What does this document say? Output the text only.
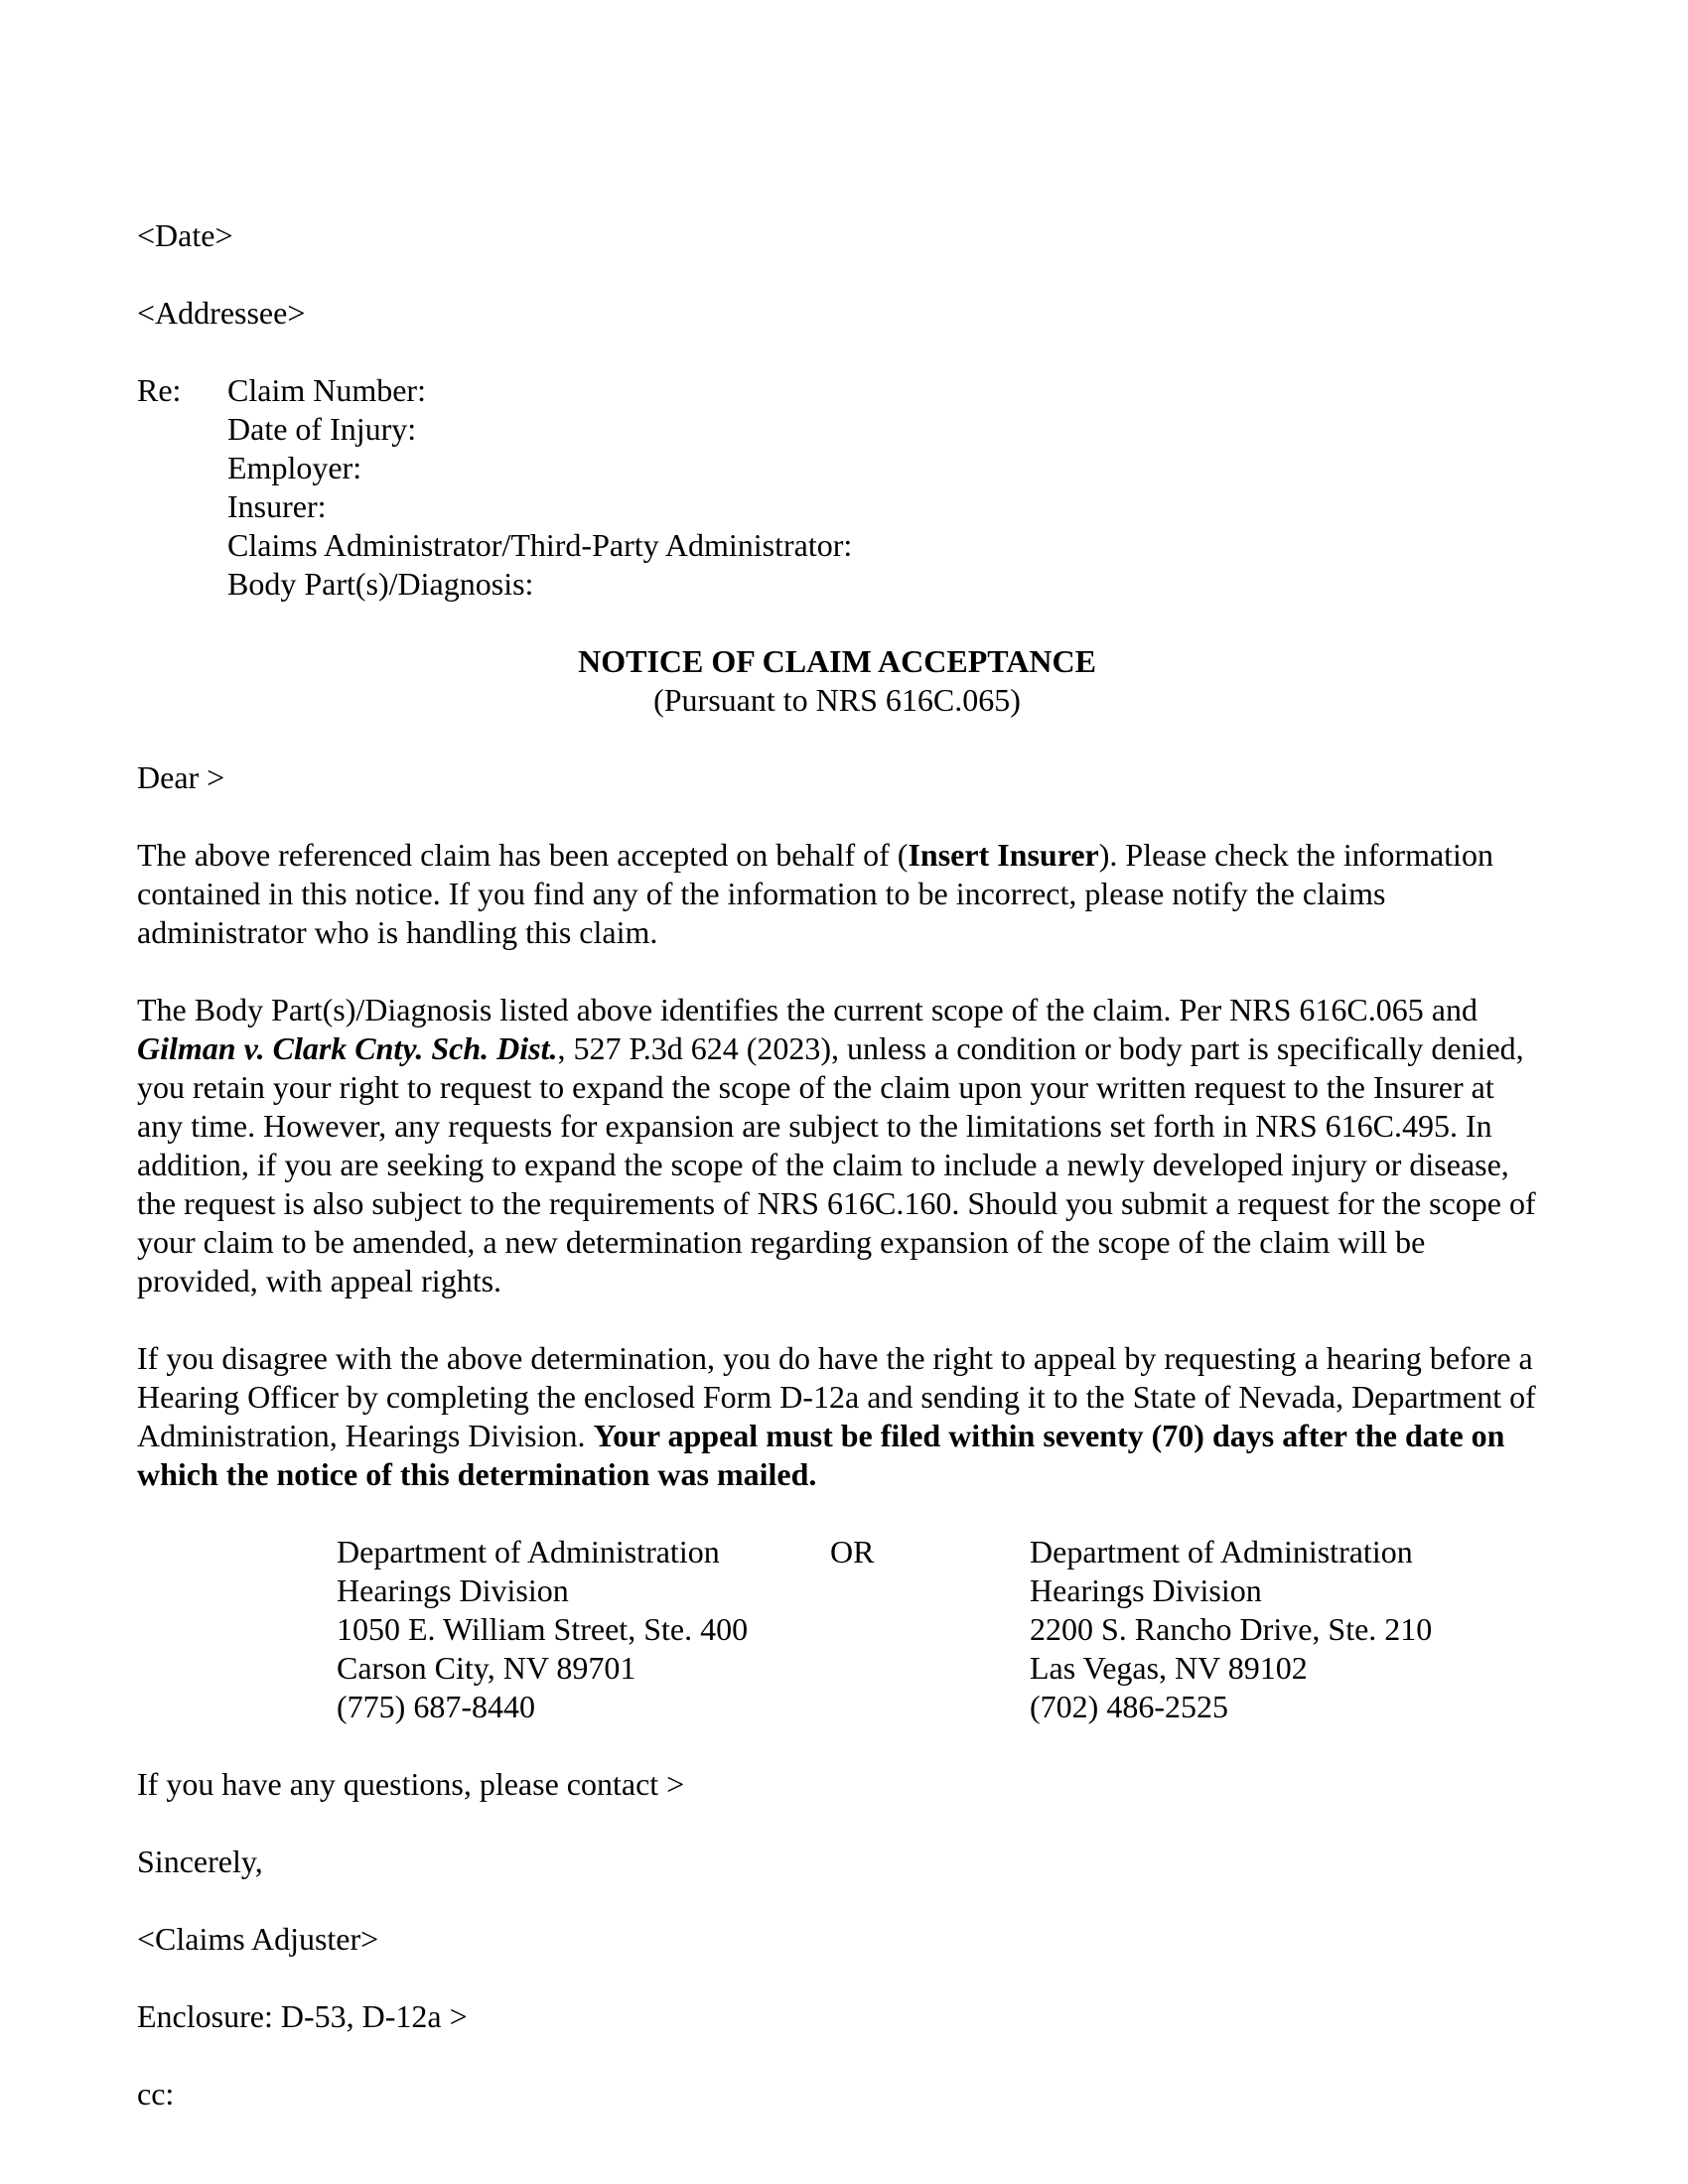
<Date>
<Addressee>
Re:	Claim Number:
Date of Injury:
Employer:
Insurer:
Claims Administrator/Third-Party Administrator:
Body Part(s)/Diagnosis:
NOTICE OF CLAIM ACCEPTANCE
(Pursuant to NRS 616C.065)
Dear >

The above referenced claim has been accepted on behalf of (Insert Insurer). Please check the information contained in this notice. If you find any of the information to be incorrect, please notify the claims administrator who is handling this claim.

The Body Part(s)/Diagnosis listed above identifies the current scope of the claim. Per NRS 616C.065 and Gilman v. Clark Cnty. Sch. Dist., 527 P.3d 624 (2023), unless a condition or body part is specifically denied, you retain your right to request to expand the scope of the claim upon your written request to the Insurer at any time. However, any requests for expansion are subject to the limitations set forth in NRS 616C.495. In addition, if you are seeking to expand the scope of the claim to include a newly developed injury or disease, the request is also subject to the requirements of NRS 616C.160. Should you submit a request for the scope of your claim to be amended, a new determination regarding expansion of the scope of the claim will be provided, with appeal rights.

If you disagree with the above determination, you do have the right to appeal by requesting a hearing before a Hearing Officer by completing the enclosed Form D-12a and sending it to the State of Nevada, Department of Administration, Hearings Division. Your appeal must be filed within seventy (70) days after the date on which the notice of this determination was mailed.

Department of Administration
Hearings Division
1050 E. William Street, Ste. 400
Carson City, NV 89701
(775) 687-8440
OR	Department of Administration
Hearings Division
2200 S. Rancho Drive, Ste. 210
Las Vegas, NV 89102
(702) 486-2525
If you have any questions, please contact >
Sincerely,
<Claims Adjuster>
Enclosure: D-53, D-12a >
cc:
